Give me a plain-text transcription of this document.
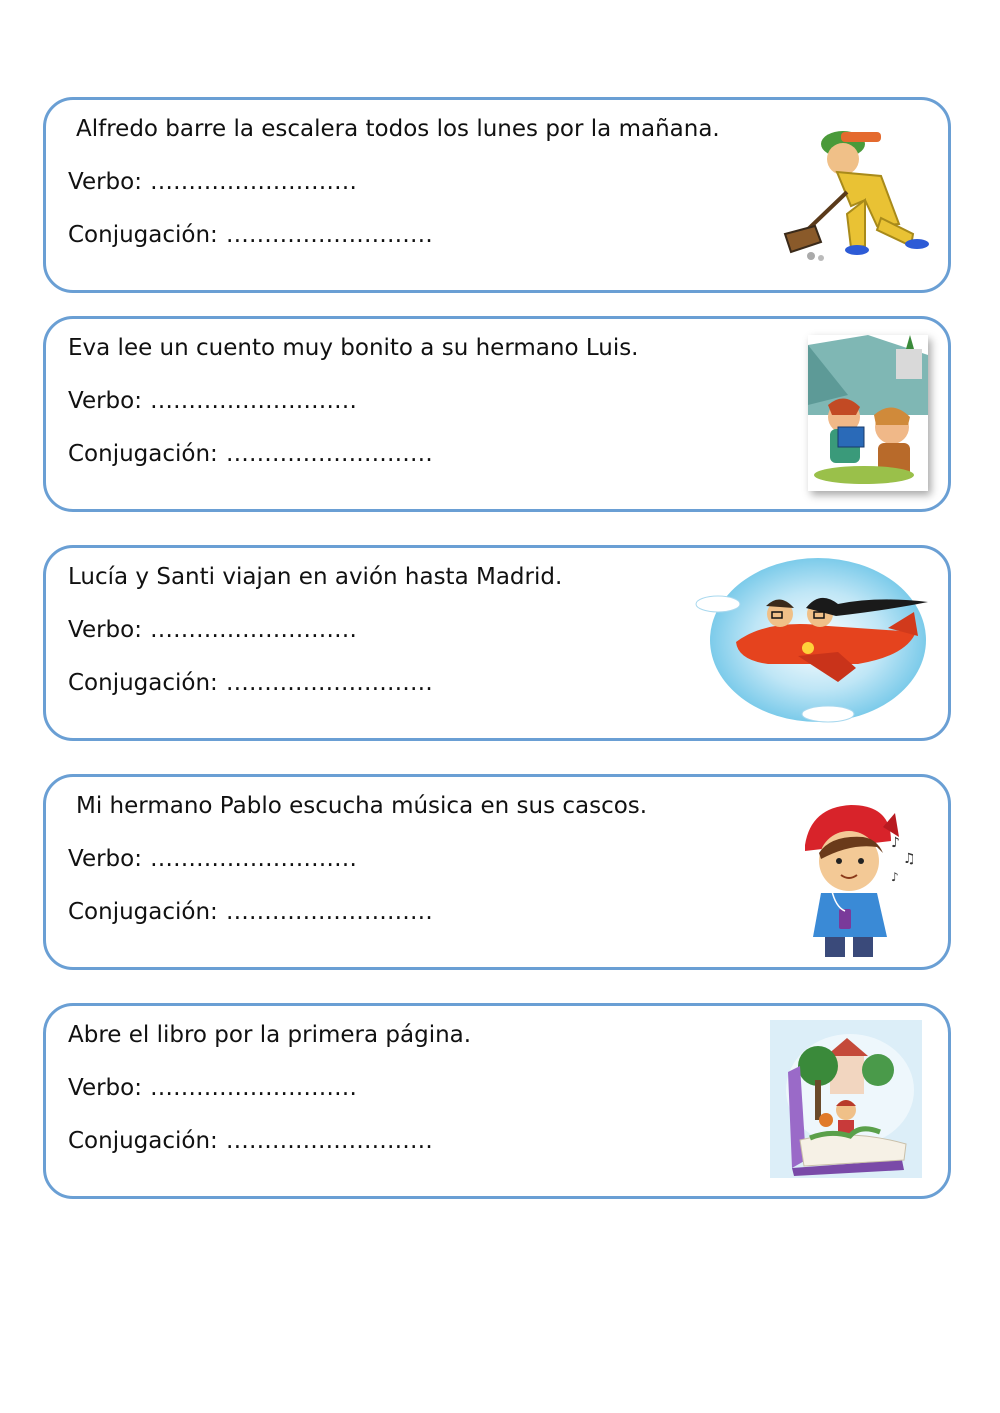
Alfredo barre la escalera todos los lunes por la mañana.

Verbo: ………………………

Conjugación: ………………………

Eva lee un cuento muy bonito a su hermano Luis.

Verbo: ………………………

Conjugación: ………………………

Lucía y Santi viajan en avión hasta Madrid.

Verbo: ………………………

Conjugación: ………………………

Mi hermano Pablo escucha música en sus cascos.

Verbo: ………………………

Conjugación: ………………………

♪
♫
♪

Abre el libro por la primera página.

Verbo: ………………………

Conjugación: ………………………
